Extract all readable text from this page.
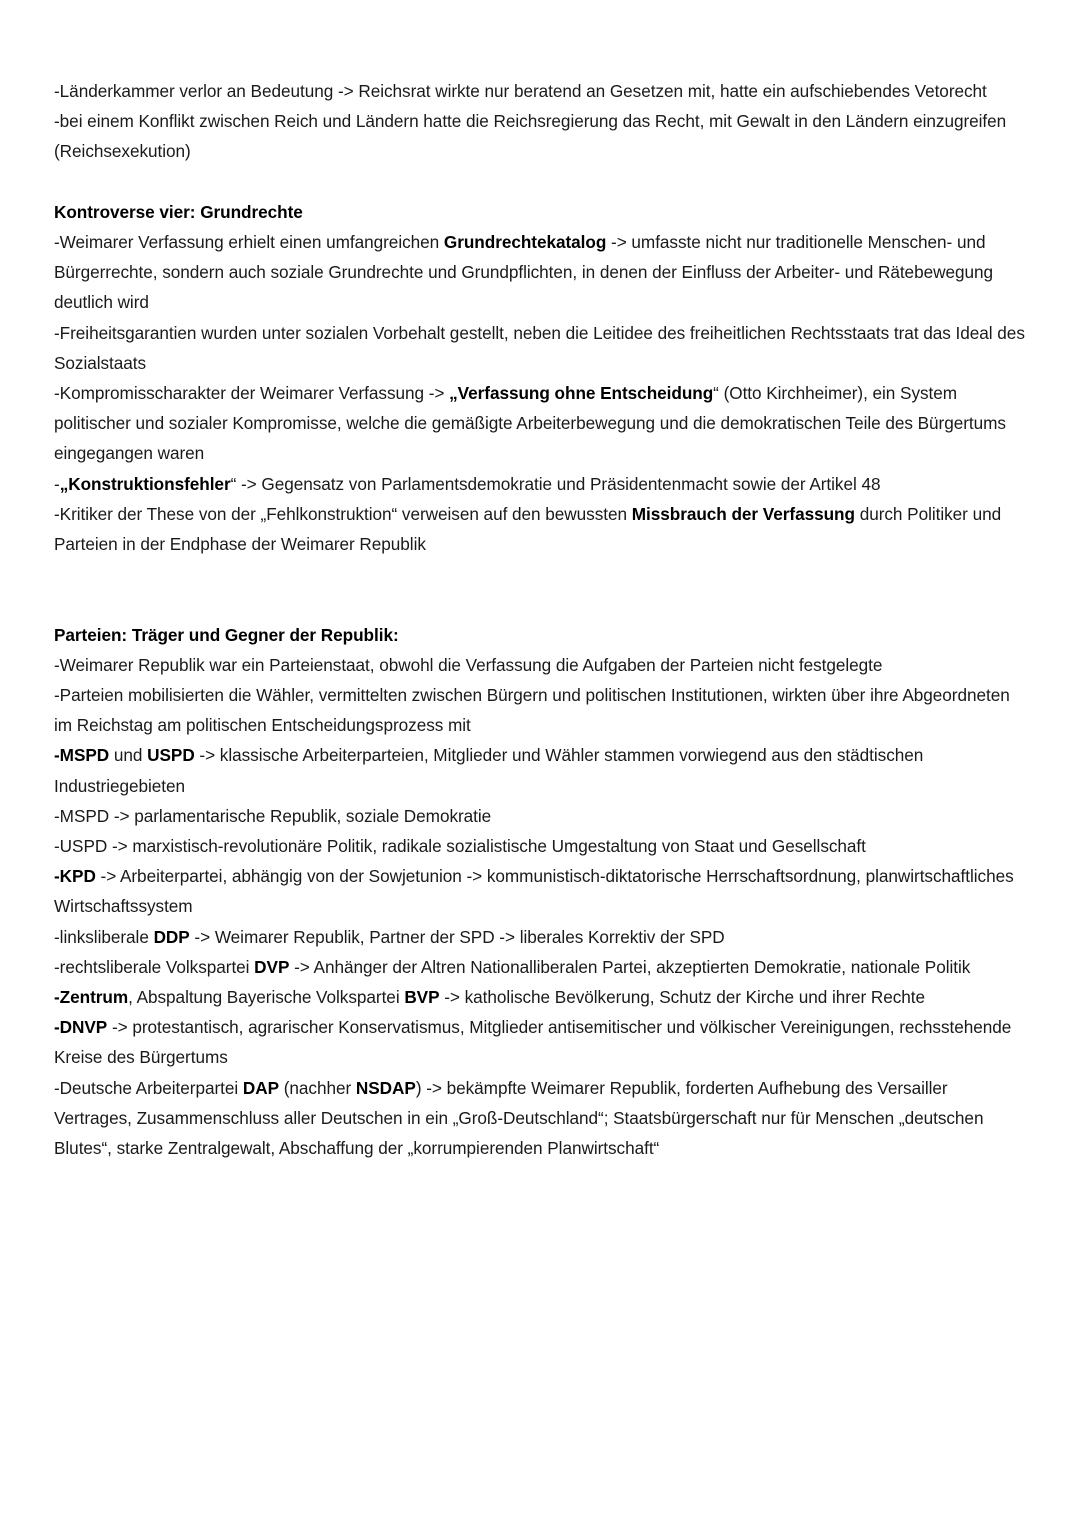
-Länderkammer verlor an Bedeutung -> Reichsrat wirkte nur beratend an Gesetzen mit, hatte ein aufschiebendes Vetorecht

-bei einem Konflikt zwischen Reich und Ländern hatte die Reichsregierung das Recht, mit Gewalt in den Ländern einzugreifen (Reichsexekution)

Kontroverse vier: Grundrechte

-Weimarer Verfassung erhielt einen umfangreichen Grundrechtekatalog -> umfasste nicht nur traditionelle Menschen- und Bürgerrechte, sondern auch soziale Grundrechte und Grundpflichten, in denen der Einfluss der Arbeiter- und Rätebewegung deutlich wird

-Freiheitsgarantien wurden unter sozialen Vorbehalt gestellt, neben die Leitidee des freiheitlichen Rechtsstaats trat das Ideal des Sozialstaats

-Kompromisscharakter der Weimarer Verfassung -> „Verfassung ohne Entscheidung“ (Otto Kirchheimer), ein System politischer und sozialer Kompromisse, welche die gemäßigte Arbeiterbewegung und die demokratischen Teile des Bürgertums eingegangen waren

-„Konstruktionsfehler“ -> Gegensatz von Parlamentsdemokratie und Präsidentenmacht sowie der Artikel 48

-Kritiker der These von der „Fehlkonstruktion“ verweisen auf den bewussten Missbrauch der Verfassung durch Politiker und Parteien in der Endphase der Weimarer Republik

Parteien: Träger und Gegner der Republik:

-Weimarer Republik war ein Parteienstaat, obwohl die Verfassung die Aufgaben der Parteien nicht festgelegte

-Parteien mobilisierten die Wähler, vermittelten zwischen Bürgern und politischen Institutionen, wirkten über ihre Abgeordneten im Reichstag am politischen Entscheidungsprozess mit

-MSPD und USPD -> klassische Arbeiterparteien, Mitglieder und Wähler stammen vorwiegend aus den städtischen Industriegebieten

-MSPD -> parlamentarische Republik, soziale Demokratie

-USPD -> marxistisch-revolutionäre Politik, radikale sozialistische Umgestaltung von Staat und Gesellschaft

-KPD -> Arbeiterpartei, abhängig von der Sowjetunion -> kommunistisch-diktatorische Herrschaftsordnung, planwirtschaftliches Wirtschaftssystem

-linksliberale DDP -> Weimarer Republik, Partner der SPD -> liberales Korrektiv der SPD

-rechtsliberale Volkspartei DVP -> Anhänger der Altren Nationalliberalen Partei, akzeptierten Demokratie, nationale Politik

-Zentrum, Abspaltung Bayerische Volkspartei BVP -> katholische Bevölkerung, Schutz der Kirche und ihrer Rechte

-DNVP -> protestantisch, agrarischer Konservatismus, Mitglieder antisemitischer und völkischer Vereinigungen, rechsstehende Kreise des Bürgertums

-Deutsche Arbeiterpartei DAP (nachher NSDAP) -> bekämpfte Weimarer Republik, forderten Aufhebung des Versailler Vertrages, Zusammenschluss aller Deutschen in ein „Groß-Deutschland“; Staatsbürgerschaft nur für Menschen „deutschen Blutes“, starke Zentralgewalt, Abschaffung der „korrumpierenden Planwirtschaft“
